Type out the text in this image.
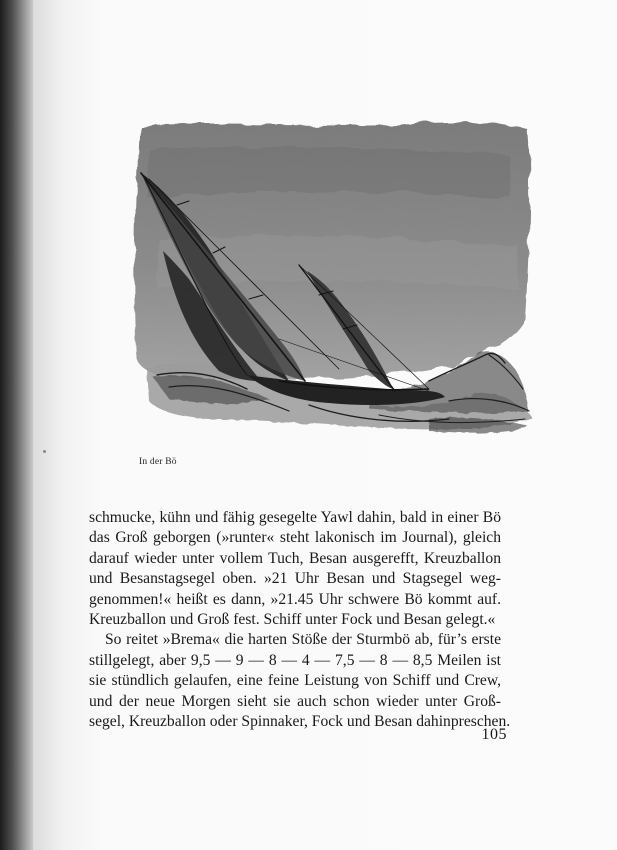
In der Bö
schmucke, kühn und fähig gesegelte Yawl dahin, bald in einer Bö
das Groß geborgen (»runter« steht lakonisch im Journal), gleich
darauf wieder unter vollem Tuch, Besan ausgerefft, Kreuzballon
und Besanstagsegel oben. »21 Uhr Besan und Stagsegel weg-
genommen!« heißt es dann, »21.45 Uhr schwere Bö kommt auf.
Kreuzballon und Groß fest. Schiff unter Fock und Besan gelegt.«
So reitet »Brema« die harten Stöße der Sturmbö ab, für’s erste
stillgelegt, aber 9,5 — 9 — 8 — 4 — 7,5 — 8 — 8,5 Meilen ist
sie stündlich gelaufen, eine feine Leistung von Schiff und Crew,
und der neue Morgen sieht sie auch schon wieder unter Groß-
segel, Kreuzballon oder Spinnaker, Fock und Besan dahinpreschen.
105
